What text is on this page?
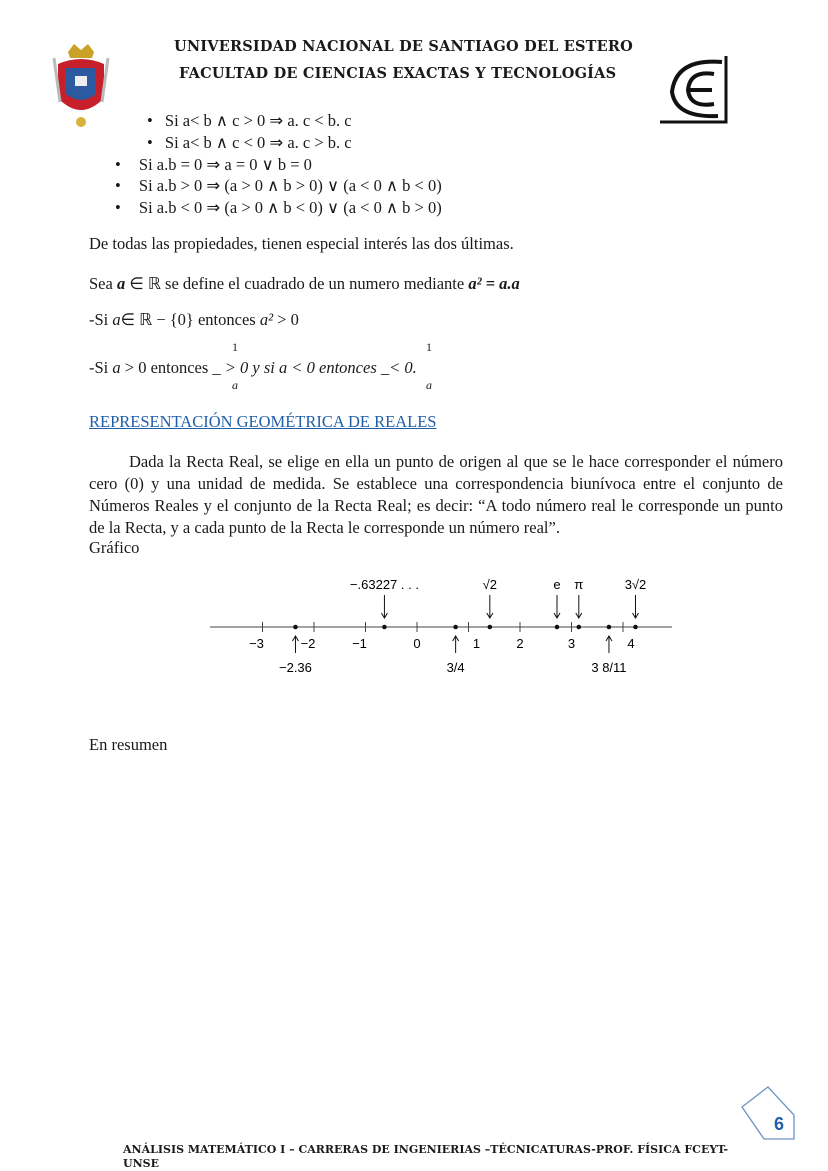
UNIVERSIDAD NACIONAL DE SANTIAGO DEL ESTERO
FACULTAD DE CIENCIAS EXACTAS Y TECNOLOGÍAS
• Si a< b ∧ c > 0 ⇒ a. c < b. c
• Si a< b ∧ c < 0 ⇒ a. c > b. c
• Si a.b = 0 ⇒ a = 0 ∨ b = 0
• Si a.b > 0 ⇒ (a > 0 ∧ b > 0) ∨ (a < 0 ∧ b < 0)
• Si a.b < 0 ⇒ (a > 0 ∧ b < 0) ∨ (a < 0 ∧ b > 0)
De todas las propiedades, tienen especial interés las dos últimas.
Sea a ∈ ℝ se define el cuadrado de un numero mediante a² = a.a
-Si a∈ ℝ − {0} entonces a² > 0
1	1
-Si a > 0 entonces _ > 0 y si a < 0 entonces _< 0.
a	a
REPRESENTACIÓN GEOMÉTRICA DE REALES
Dada la Recta Real, se elige en ella un punto de origen al que se le hace corresponder el número cero (0) y una unidad de medida. Se establece una correspondencia biunívoca entre el conjunto de Números Reales y el conjunto de la Recta Real; es decir: “A todo número real le corresponde un punto de la Recta, y a cada punto de la Recta le corresponde un número real”.
Gráfico
−3	−2	−1	0	1	2	3	4
−.63227 . . .	√2	e π	3√2
−2.36	3/4	3 8/11
En resumen
6
ANÁLISIS MATEMÁTICO I – CARRERAS DE INGENIERIAS –TÉCNICATURAS-PROF. FÍSICA FCEYT-
UNSE
